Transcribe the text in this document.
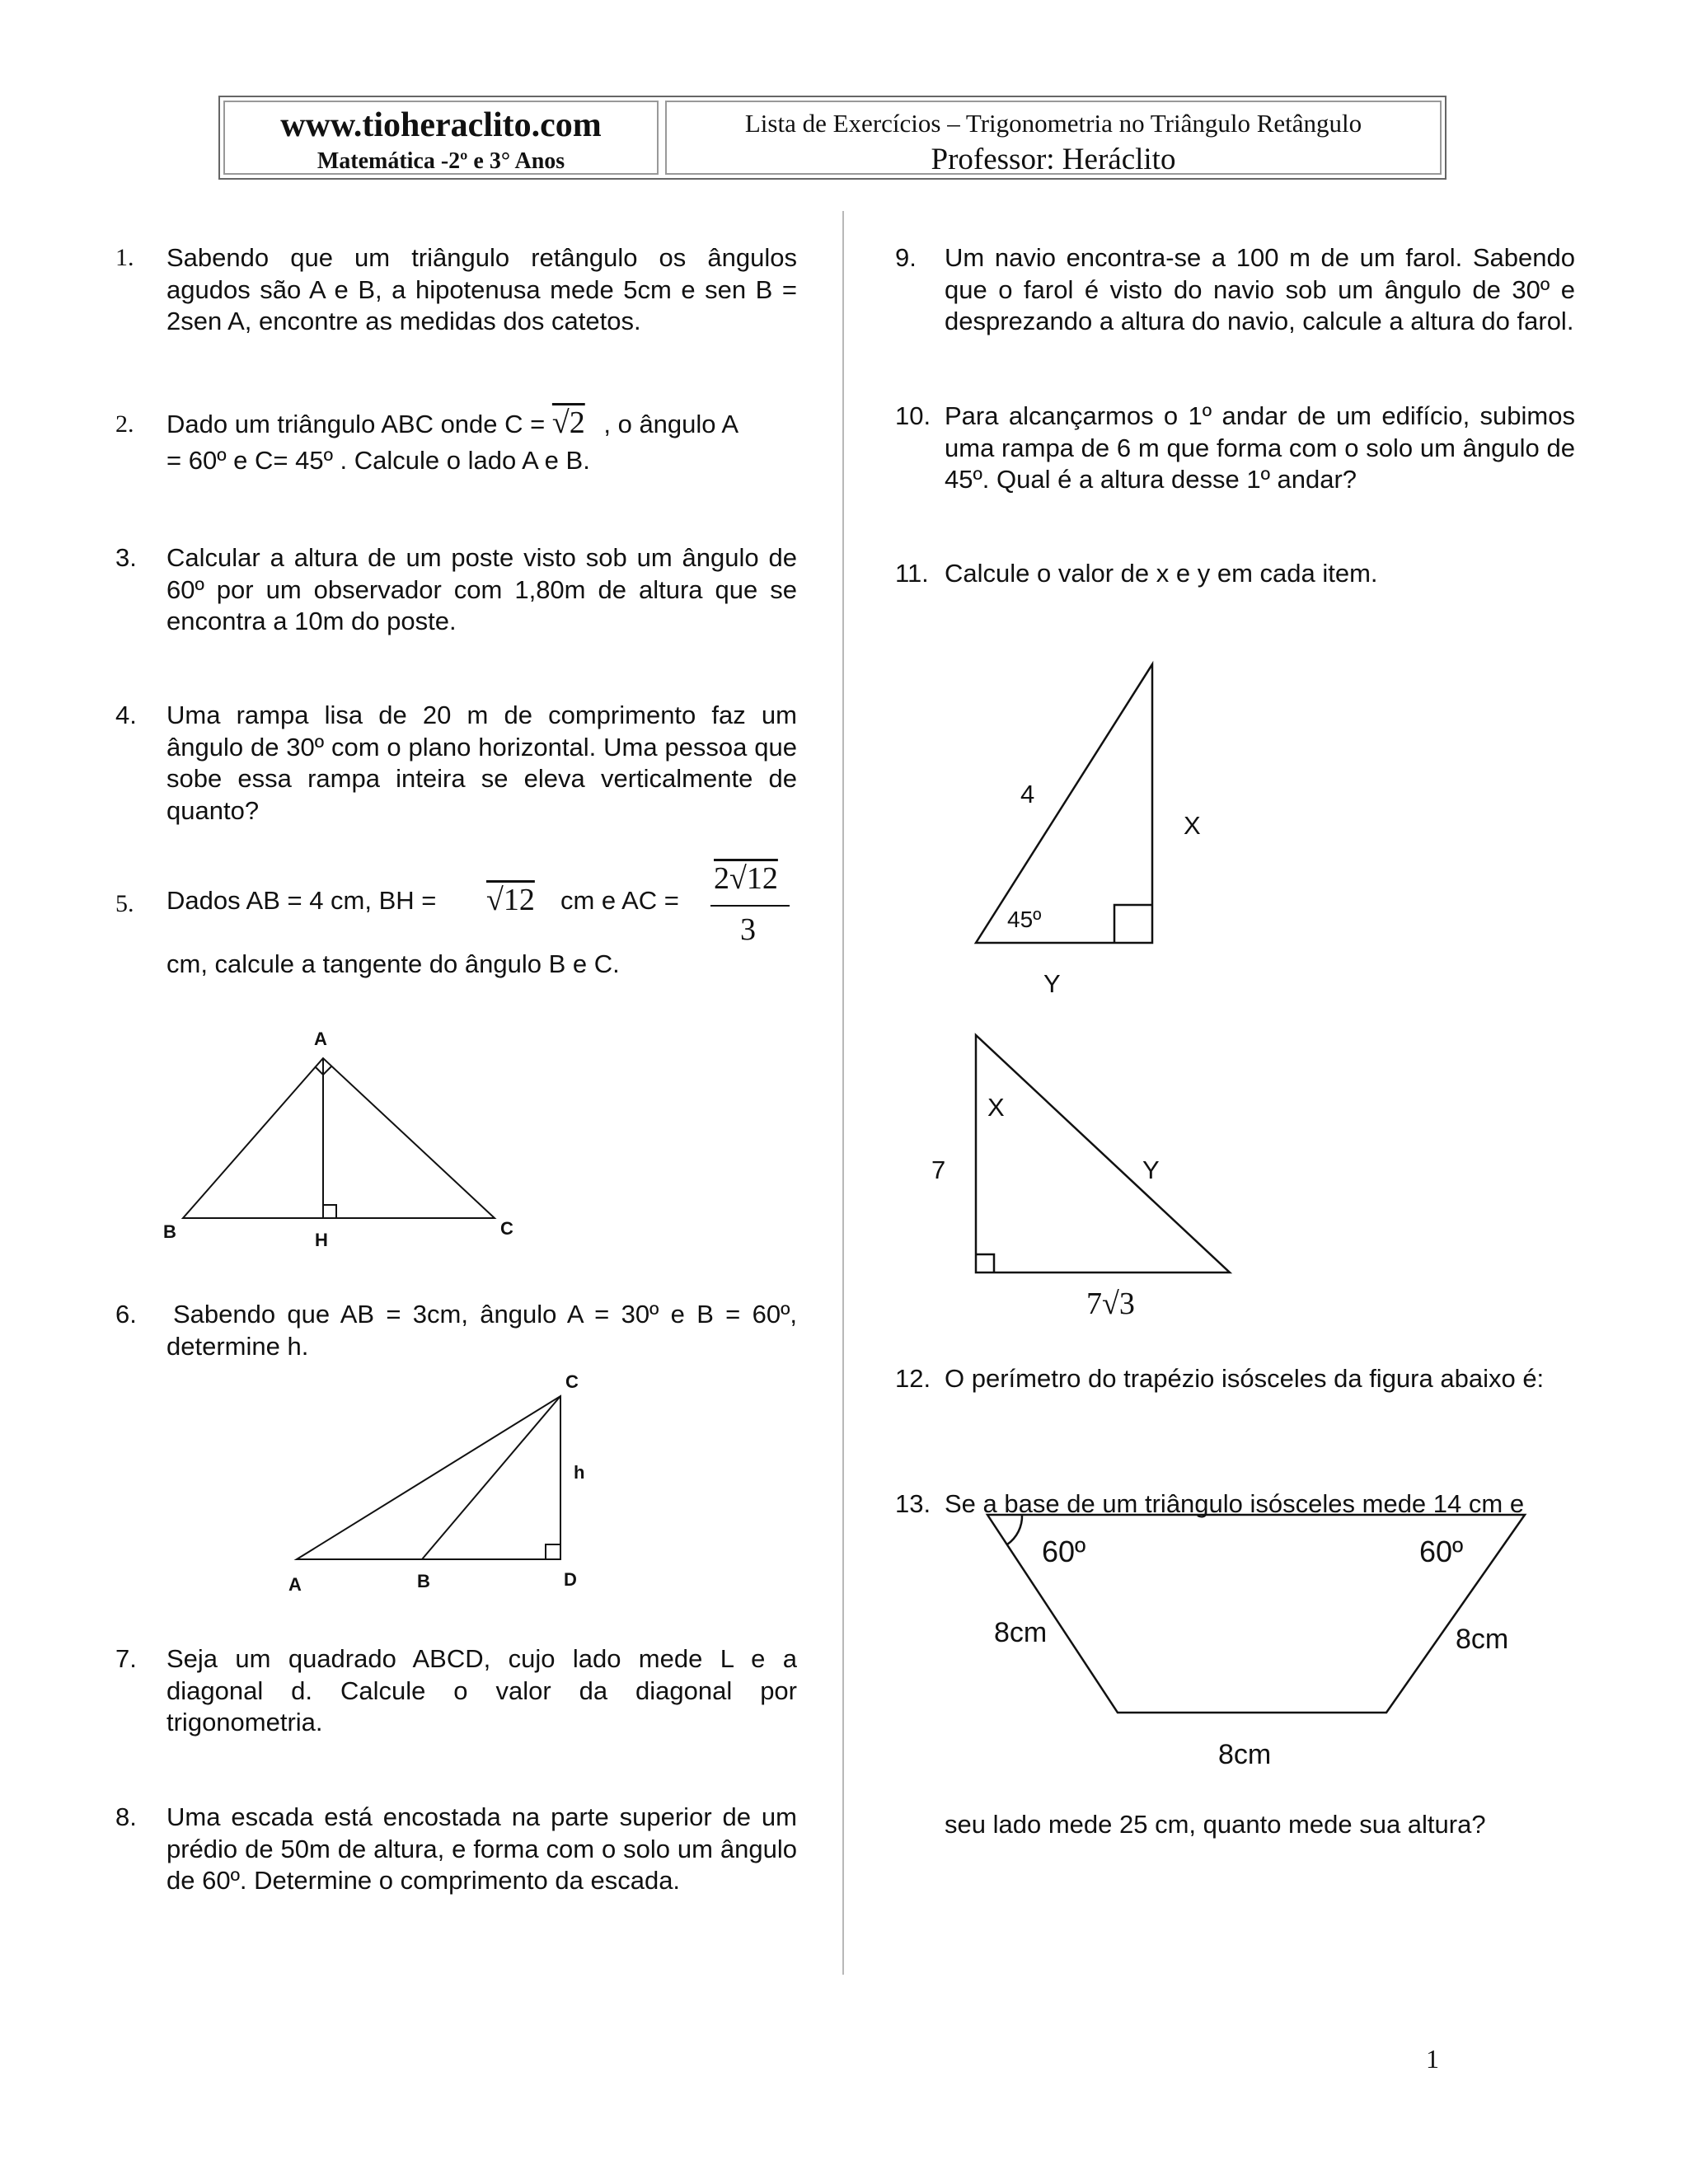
www.tioheraclito.com
Matemática -2º e 3° Anos
Lista de Exercícios – Trigonometria no Triângulo Retângulo
Professor: Heráclito
1. Sabendo que um triângulo retângulo os ângulos agudos são A e B, a hipotenusa mede 5cm e sen B = 2sen A, encontre as medidas dos catetos.
2. Dado um triângulo ABC onde C = √2 , o ângulo A
= 60º e C= 45º . Calcule o lado A e B.
3. Calcular a altura de um poste visto sob um ângulo de 60º por um observador com 1,80m de altura que se encontra a 10m do poste.
4. Uma rampa lisa de 20 m de comprimento faz um ângulo de 30º com o plano horizontal. Uma pessoa que sobe essa rampa inteira se eleva verticalmente de quanto?
5. Dados AB = 4 cm, BH = √12 cm e AC =
2√12
3
cm, calcule a tangente do ângulo B e C.
A
B	H
C
6. Sabendo que AB = 3cm, ângulo A = 30º e B = 60º, determine h.
C
h
A	B	D
7. Seja um quadrado ABCD, cujo lado mede L e a diagonal d. Calcule o valor da diagonal por trigonometria.
8. Uma escada está encostada na parte superior de um prédio de 50m de altura, e forma com o solo um ângulo de 60º. Determine o comprimento da escada.
9. Um navio encontra-se a 100 m de um farol. Sabendo que o farol é visto do navio sob um ângulo de 30º e desprezando a altura do navio, calcule a altura do farol.
10. Para alcançarmos o 1º andar de um edifício, subimos uma rampa de 6 m que forma com o solo um ângulo de 45º. Qual é a altura desse 1º andar?
11. Calcule o valor de x e y em cada item.
4
X
45º
Y
X
7	Y
7√3
12. O perímetro do trapézio isósceles da figura abaixo é:
13. Se a base de um triângulo isósceles mede 14 cm e
60º	60º
8cm	8cm
8cm
seu lado mede 25 cm, quanto mede sua altura?
1
